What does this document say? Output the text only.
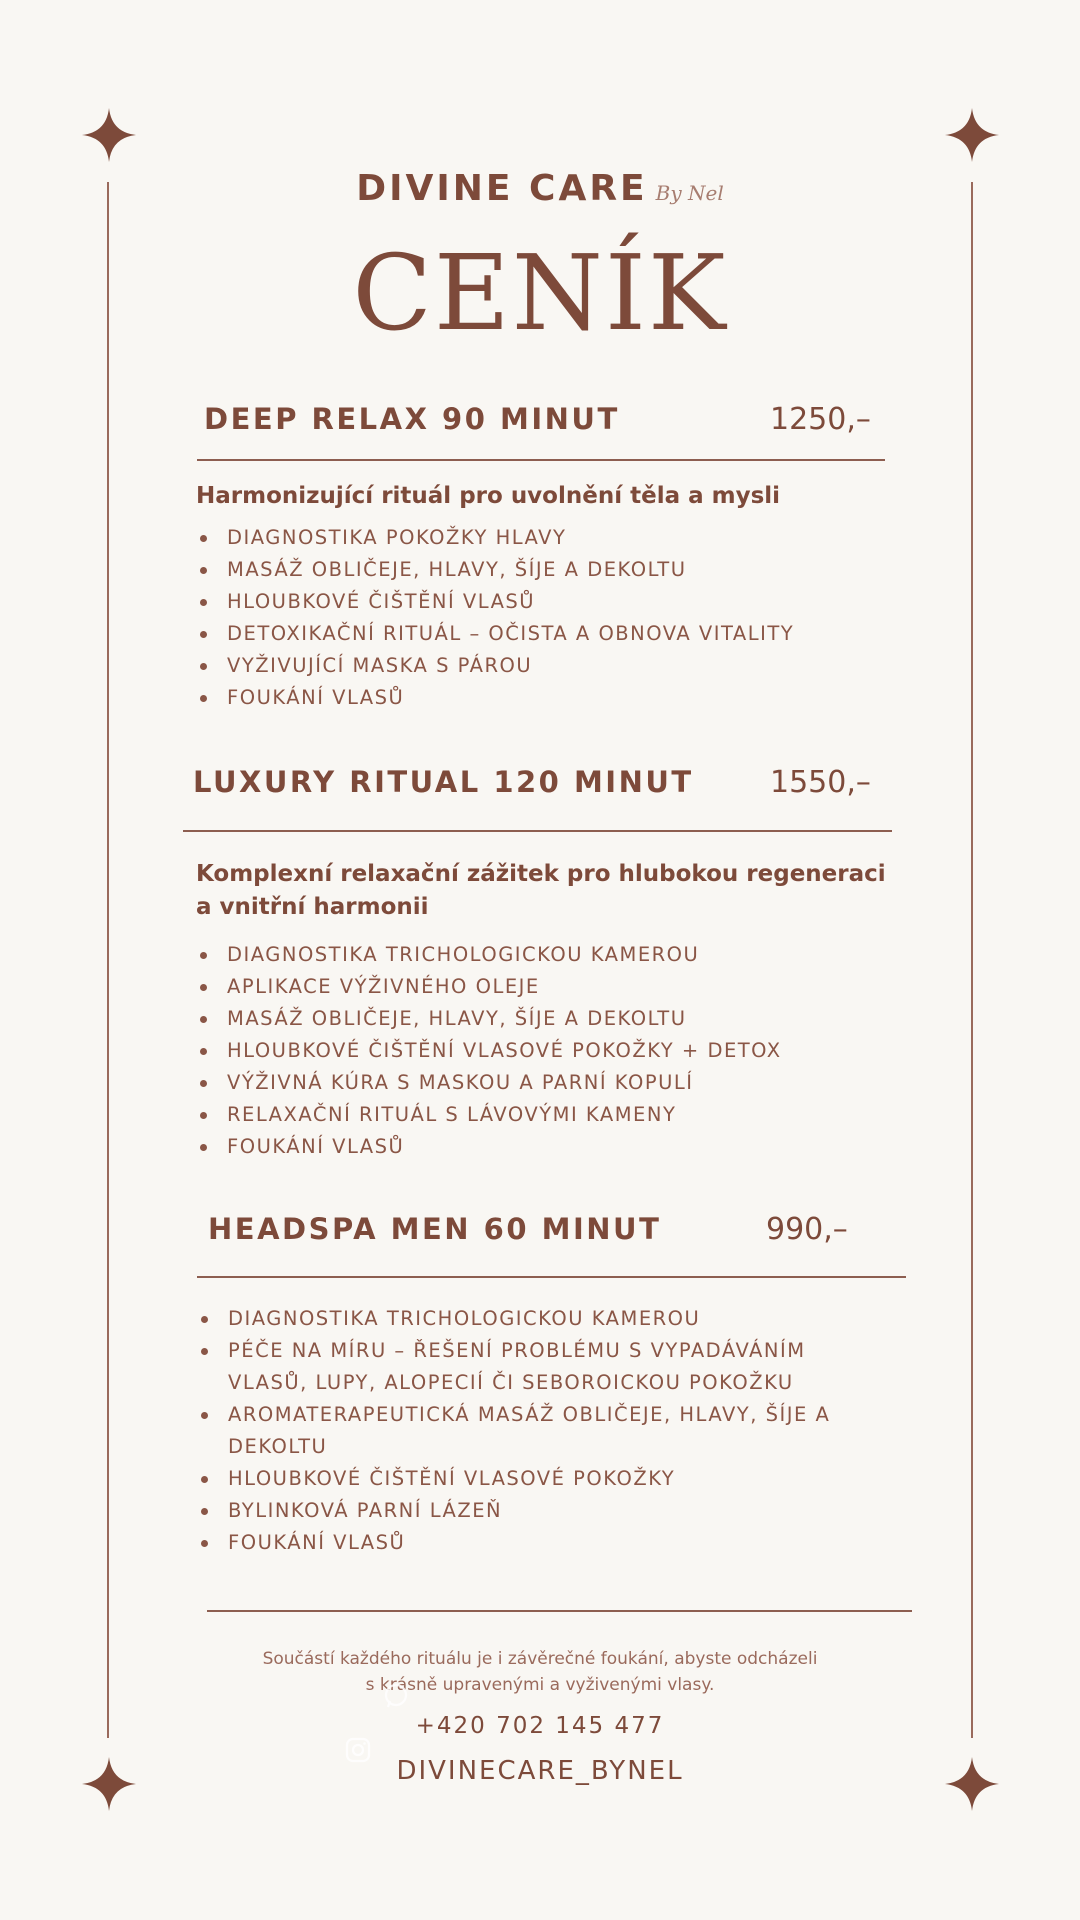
DIVINE CARE By Nel
CENÍK
DEEP RELAX 90 MINUT	1250,–
Harmonizující rituál pro uvolnění těla a mysli
DIAGNOSTIKA POKOŽKY HLAVY
MASÁŽ OBLIČEJE, HLAVY, ŠÍJE A DEKOLTU
HLOUBKOVÉ ČIŠTĚNÍ VLASŮ
DETOXIKAČNÍ RITUÁL – OČISTA A OBNOVA VITALITY
VYŽIVUJÍCÍ MASKA S PÁROU
FOUKÁNÍ VLASŮ
LUXURY RITUAL 120 MINUT	1550,–
Komplexní relaxační zážitek pro hlubokou regeneraci
a vnitřní harmonii
DIAGNOSTIKA TRICHOLOGICKOU KAMEROU
APLIKACE VÝŽIVNÉHO OLEJE
MASÁŽ OBLIČEJE, HLAVY, ŠÍJE A DEKOLTU
HLOUBKOVÉ ČIŠTĚNÍ VLASOVÉ POKOŽKY + DETOX
VÝŽIVNÁ KÚRA S MASKOU A PARNÍ KOPULÍ
RELAXAČNÍ RITUÁL S LÁVOVÝMI KAMENY
FOUKÁNÍ VLASŮ
HEADSPA MEN 60 MINUT	990,–
DIAGNOSTIKA TRICHOLOGICKOU KAMEROU
PÉČE NA MÍRU – ŘEŠENÍ PROBLÉMU S VYPADÁVÁNÍM VLASŮ, LUPY, ALOPECIÍ ČI SEBOROICKOU POKOŽKU
AROMATERAPEUTICKÁ MASÁŽ OBLIČEJE, HLAVY, ŠÍJE A DEKOLTU
HLOUBKOVÉ ČIŠTĚNÍ VLASOVÉ POKOŽKY
BYLINKOVÁ PARNÍ LÁZEŇ
FOUKÁNÍ VLASŮ
Součástí každého rituálu je i závěrečné foukání, abyste odcházeli
s krásně upravenými a vyživenými vlasy.
+420 702 145 477
DIVINECARE_BYNEL
